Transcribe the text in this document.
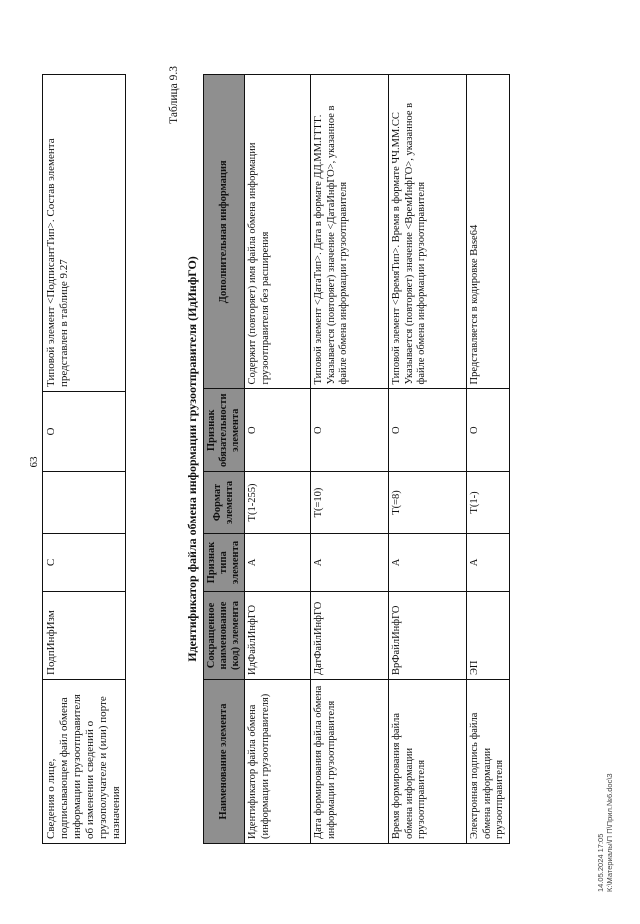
63
Сведения о лице, подписывающем файл обмена информации грузоотправителя об изменении сведений о грузополучателе и (или) порте назначения	ПодпИнфИзм	С		О	Типовой элемент <ПодписантТип>. Состав элемента представлен в таблице 9.27
Таблица 9.3
Идентификатор файла обмена информации грузоотправителя (ИдИнфГО)
Наименование элемента	Сокращенное наименование (код) элемента	Признак типа элемента	Формат элемента	Признак обязательности элемента	Дополнительная информация
Идентификатор файла обмена (информации грузоотправителя)	ИдФайлИнфГО	А	T(1-255)	О	Содержит (повторяет) имя файла обмена информации грузоотправителя без расширения
Дата формирования файла обмена информации грузоотправителя	ДатФайлИнфГО	А	T(=10)	О	Типовой элемент <ДатаТип>. Дата в формате ДД.ММ.ГГГГ. Указывается (повторяет) значение <ДатаИнфГО>, указанное в файле обмена информации грузоотправителя
Время формирования файла обмена информации грузоотправителя	ВрФайлИнфГО	А	T(=8)	О	Типовой элемент <ВремяТип>. Время в формате ЧЧ.ММ.СС Указывается (повторяет) значение <ВремИнфГО>, указанное в файле обмена информации грузоотправителя
Электронная подпись файла обмена информации грузоотправителя	ЭП	А	T(1-)	О	Представляется в кодировке Base64
14.05.2024 17:05 К:\Материалы\П П\Прил.№6.doc\3
